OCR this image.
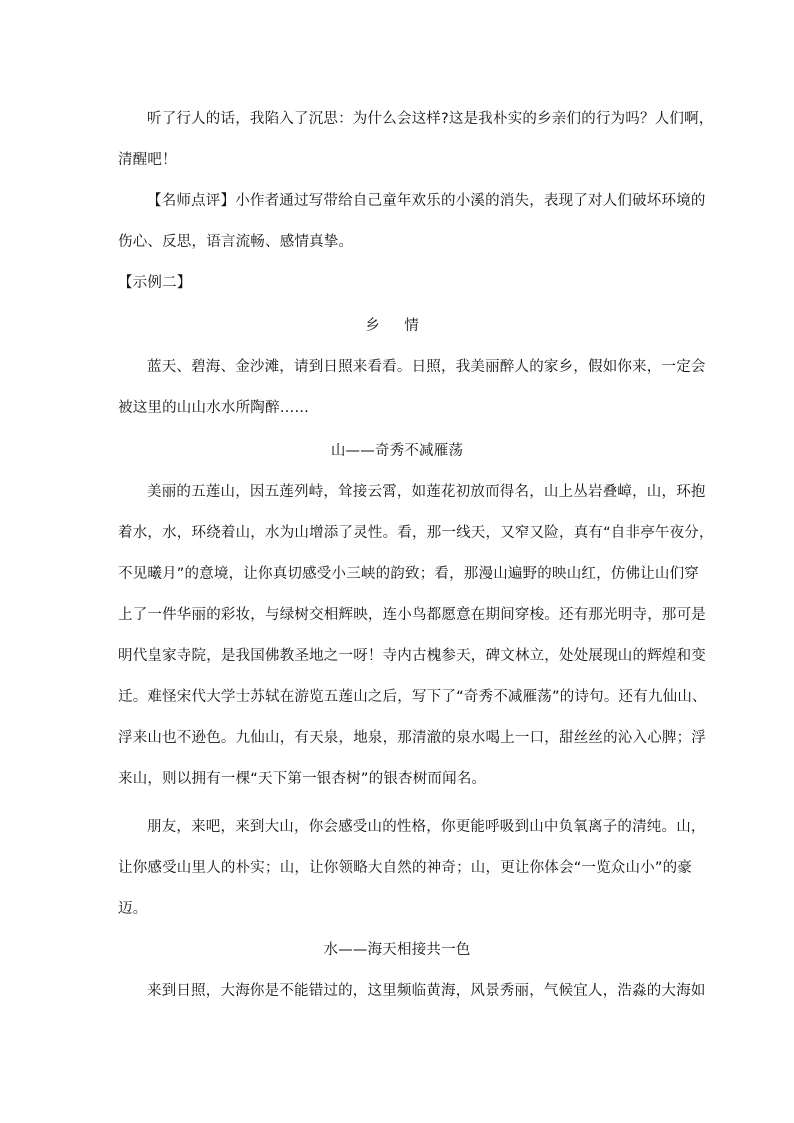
听了行人的话，我陷入了沉思：为什么会这样?这是我朴实的乡亲们的行为吗？人们啊，
清醒吧！
【名师点评】小作者通过写带给自己童年欢乐的小溪的消失，表现了对人们破坏环境的
伤心、反思，语言流畅、感情真挚。
【示例二】
乡 情
蓝天、碧海、金沙滩，请到日照来看看。日照，我美丽醉人的家乡，假如你来，一定会
被这里的山山水水所陶醉……
山——奇秀不减雁荡
美丽的五莲山，因五莲列峙，耸接云霄，如莲花初放而得名，山上丛岩叠嶂，山，环抱
着水，水，环绕着山，水为山增添了灵性。看，那一线天，又窄又险，真有“自非亭午夜分，
不见曦月”的意境，让你真切感受小三峡的韵致；看，那漫山遍野的映山红，仿佛让山们穿
上了一件华丽的彩妆，与绿树交相辉映，连小鸟都愿意在期间穿梭。还有那光明寺，那可是
明代皇家寺院，是我国佛教圣地之一呀！寺内古槐参天，碑文林立，处处展现山的辉煌和变
迁。难怪宋代大学士苏轼在游览五莲山之后，写下了“奇秀不减雁荡”的诗句。还有九仙山、
浮来山也不逊色。九仙山，有天泉，地泉，那清澈的泉水喝上一口，甜丝丝的沁入心脾；浮
来山，则以拥有一棵“天下第一银杏树”的银杏树而闻名。
朋友，来吧，来到大山，你会感受山的性格，你更能呼吸到山中负氧离子的清纯。山，
让你感受山里人的朴实；山，让你领略大自然的神奇；山，更让你体会“一览众山小”的豪
迈。
水——海天相接共一色
来到日照，大海你是不能错过的，这里频临黄海，风景秀丽，气候宜人，浩淼的大海如
